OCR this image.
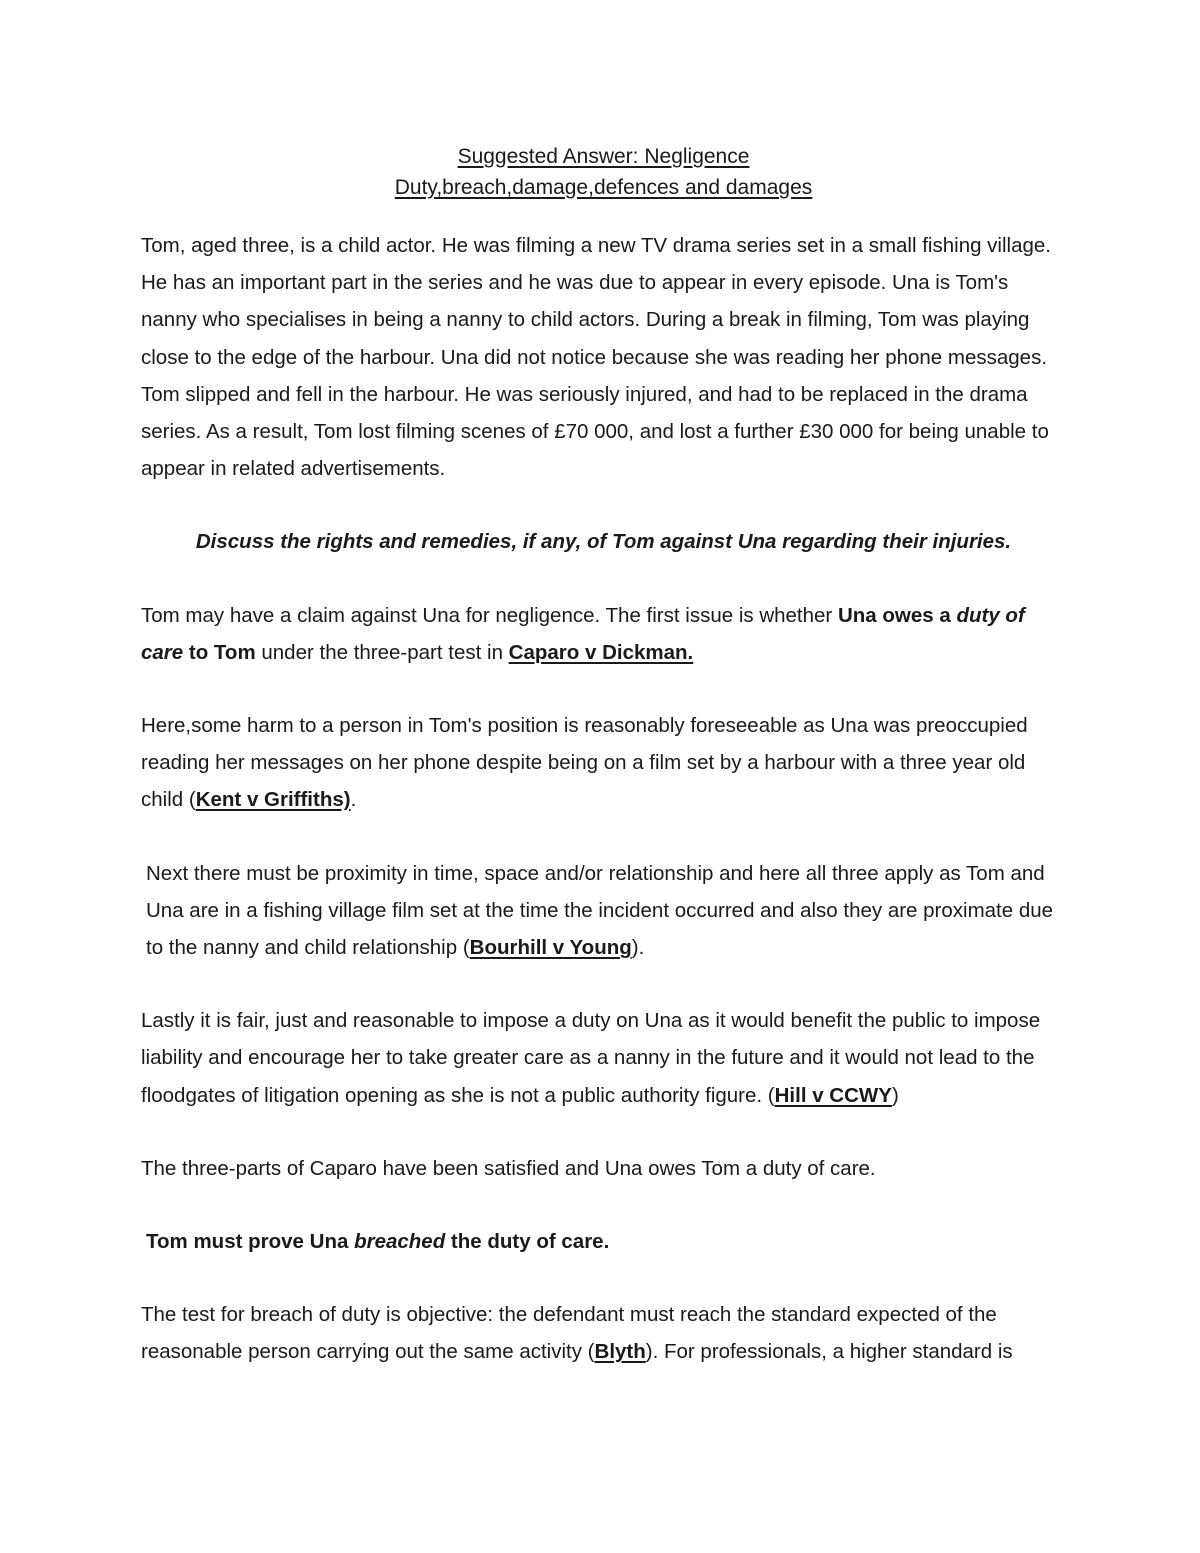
Suggested Answer: Negligence
Duty,breach,damage,defences and damages

Tom, aged three, is a child actor. He was filming a new TV drama series set in a small fishing village. He has an important part in the series and he was due to appear in every episode. Una is Tom's nanny who specialises in being a nanny to child actors. During a break in filming, Tom was playing close to the edge of the harbour. Una did not notice because she was reading her phone messages. Tom slipped and fell in the harbour. He was seriously injured, and had to be replaced in the drama series. As a result, Tom lost filming scenes of £70 000, and lost a further £30 000 for being unable to appear in related advertisements.

Discuss the rights and remedies, if any, of Tom against Una regarding their injuries.

Tom may have a claim against Una for negligence. The first issue is whether Una owes a duty of care to Tom under the three-part test in Caparo v Dickman.

Here,some harm to a person in Tom's position is reasonably foreseeable as Una was preoccupied reading her messages on her phone despite being on a film set by a harbour with a three year old child (Kent v Griffiths).

Next there must be proximity in time, space and/or relationship and here all three apply as Tom and Una are in a fishing village film set at the time the incident occurred and also they are proximate due to the nanny and child relationship (Bourhill v Young).

Lastly it is fair, just and reasonable to impose a duty on Una as it would benefit the public to impose liability and encourage her to take greater care as a nanny in the future and it would not lead to the floodgates of litigation opening as she is not a public authority figure. (Hill v CCWY)

The three-parts of Caparo have been satisfied and Una owes Tom a duty of care.

Tom must prove Una breached the duty of care.

The test for breach of duty is objective: the defendant must reach the standard expected of the reasonable person carrying out the same activity (Blyth). For professionals, a higher standard is
